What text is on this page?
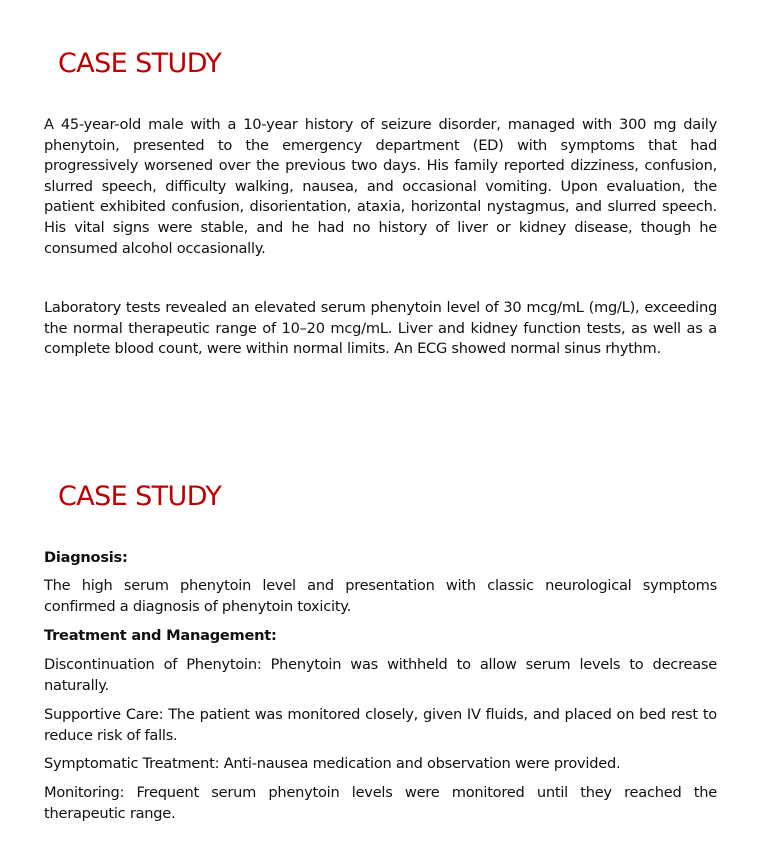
CASE STUDY

A 45-year-old male with a 10-year history of seizure disorder, managed with 300 mg daily phenytoin, presented to the emergency department (ED) with symptoms that had progressively worsened over the previous two days. His family reported dizziness, confusion, slurred speech, difficulty walking, nausea, and occasional vomiting. Upon evaluation, the patient exhibited confusion, disorientation, ataxia, horizontal nystagmus, and slurred speech. His vital signs were stable, and he had no history of liver or kidney disease, though he consumed alcohol occasionally.

Laboratory tests revealed an elevated serum phenytoin level of 30 mcg/mL (mg/L), exceeding the normal therapeutic range of 10–20 mcg/mL. Liver and kidney function tests, as well as a complete blood count, were within normal limits. An ECG showed normal sinus rhythm.

CASE STUDY

Diagnosis:

The high serum phenytoin level and presentation with classic neurological symptoms confirmed a diagnosis of phenytoin toxicity.

Treatment and Management:

Discontinuation of Phenytoin: Phenytoin was withheld to allow serum levels to decrease naturally.

Supportive Care: The patient was monitored closely, given IV fluids, and placed on bed rest to reduce risk of falls.

Symptomatic Treatment: Anti-nausea medication and observation were provided.

Monitoring: Frequent serum phenytoin levels were monitored until they reached the therapeutic range.
